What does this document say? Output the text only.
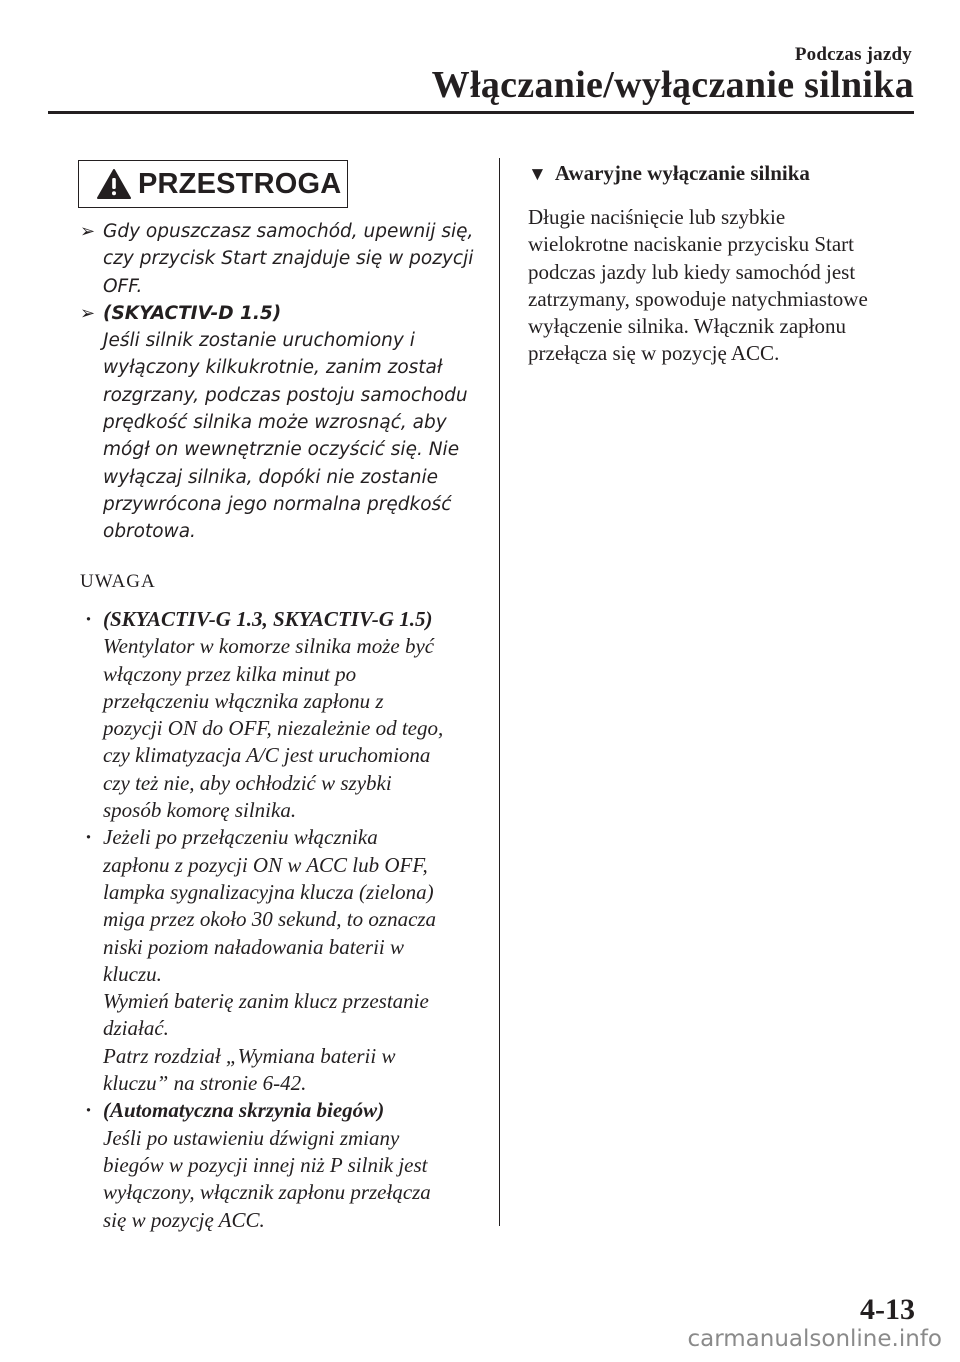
Podczas jazdy
Włączanie/wyłączanie silnika
PRZESTROGA
➢ Gdy opuszczasz samochód, upewnij się,

czy przycisk Start znajduje się w pozycji

OFF.

➢ (SKYACTIV-D 1.5)

Jeśli silnik zostanie uruchomiony i

wyłączony kilkukrotnie, zanim został

rozgrzany, podczas postoju samochodu

prędkość silnika może wzrosnąć, aby

mógł on wewnętrznie oczyścić się. Nie

wyłączaj silnika, dopóki nie zostanie

przywrócona jego normalna prędkość

obrotowa.

UWAGA
· (SKYACTIV-G 1.3, SKYACTIV-G 1.5)

Wentylator w komorze silnika może być

włączony przez kilka minut po

przełączeniu włącznika zapłonu z

pozycji ON do OFF, niezależnie od tego,

czy klimatyzacja A/C jest uruchomiona

czy też nie, aby ochłodzić w szybki

sposób komorę silnika.

· Jeżeli po przełączeniu włącznika

zapłonu z pozycji ON w ACC lub OFF,

lampka sygnalizacyjna klucza (zielona)

miga przez około 30 sekund, to oznacza

niski poziom naładowania baterii w

kluczu.

Wymień baterię zanim klucz przestanie

działać.

Patrz rozdział „Wymiana baterii w

kluczu” na stronie 6-42.

· (Automatyczna skrzynia biegów)

Jeśli po ustawieniu dźwigni zmiany

biegów w pozycji innej niż P silnik jest

wyłączony, włącznik zapłonu przełącza

się w pozycję ACC.

▼ Awaryjne wyłączanie silnika

Długie naciśnięcie lub szybkie

wielokrotne naciskanie przycisku Start

podczas jazdy lub kiedy samochód jest

zatrzymany, spowoduje natychmiastowe

wyłączenie silnika. Włącznik zapłonu

przełącza się w pozycję ACC.

4-13
carmanualsonline.info
